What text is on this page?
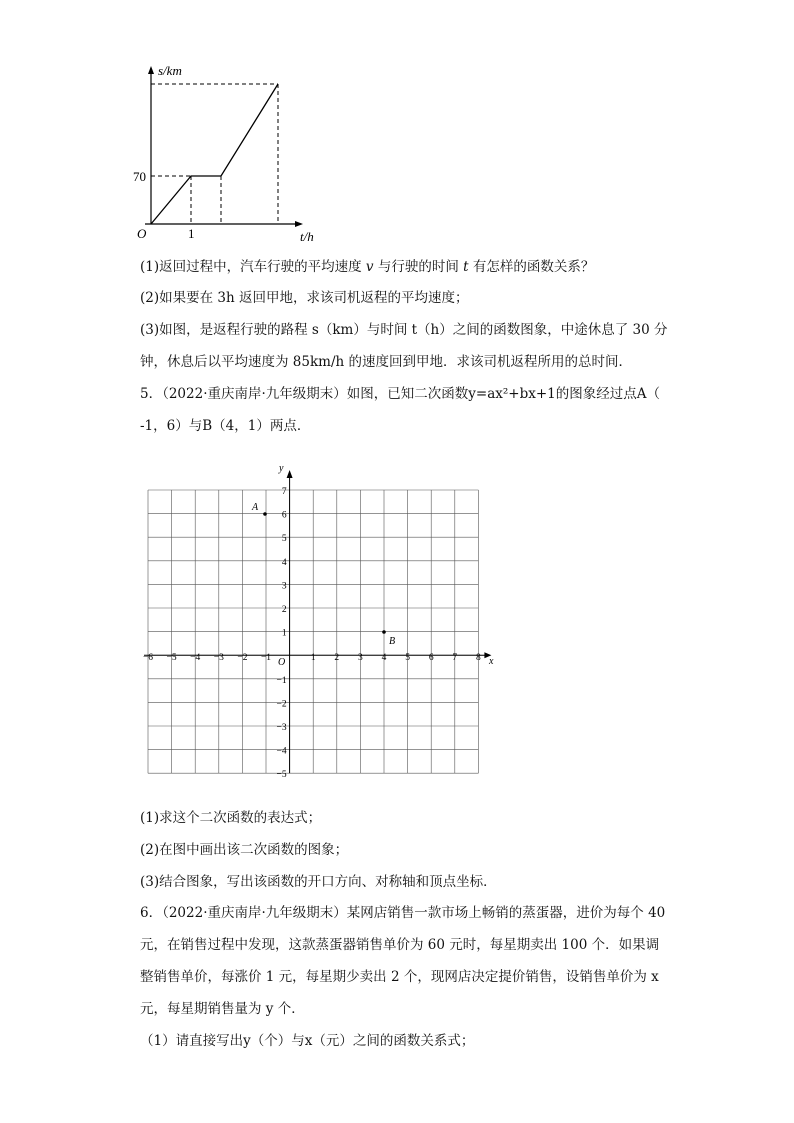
s/km
70
1
O	t/h
(1)返回过程中，汽车行驶的平均速度 v 与行驶的时间 t 有怎样的函数关系？
(2)如果要在 3h 返回甲地，求该司机返程的平均速度；
(3)如图，是返程行驶的路程 s（km）与时间 t（h）之间的函数图象，中途休息了 30 分
钟，休息后以平均速度为 85km/h 的速度回到甲地．求该司机返程所用的总时间．
5．（2022·重庆南岸·九年级期末）如图，已知二次函数y=ax²+bx+1的图象经过点A（
-1，6）与B（4，1）两点．
−6 −5 −4 −3 −2 −1	1 2 3 4 5 6 7 8
7
6
5
4
3
2
1
−1
−2
−3
−4
−5
A
B
O	x
y
(1)求这个二次函数的表达式；
(2)在图中画出该二次函数的图象；
(3)结合图象，写出该函数的开口方向、对称轴和顶点坐标．
6．（2022·重庆南岸·九年级期末）某网店销售一款市场上畅销的蒸蛋器，进价为每个 40
元，在销售过程中发现，这款蒸蛋器销售单价为 60 元时，每星期卖出 100 个．如果调
整销售单价，每涨价 1 元，每星期少卖出 2 个，现网店决定提价销售，设销售单价为 x
元，每星期销售量为 y 个．
（1）请直接写出y（个）与x（元）之间的函数关系式；
